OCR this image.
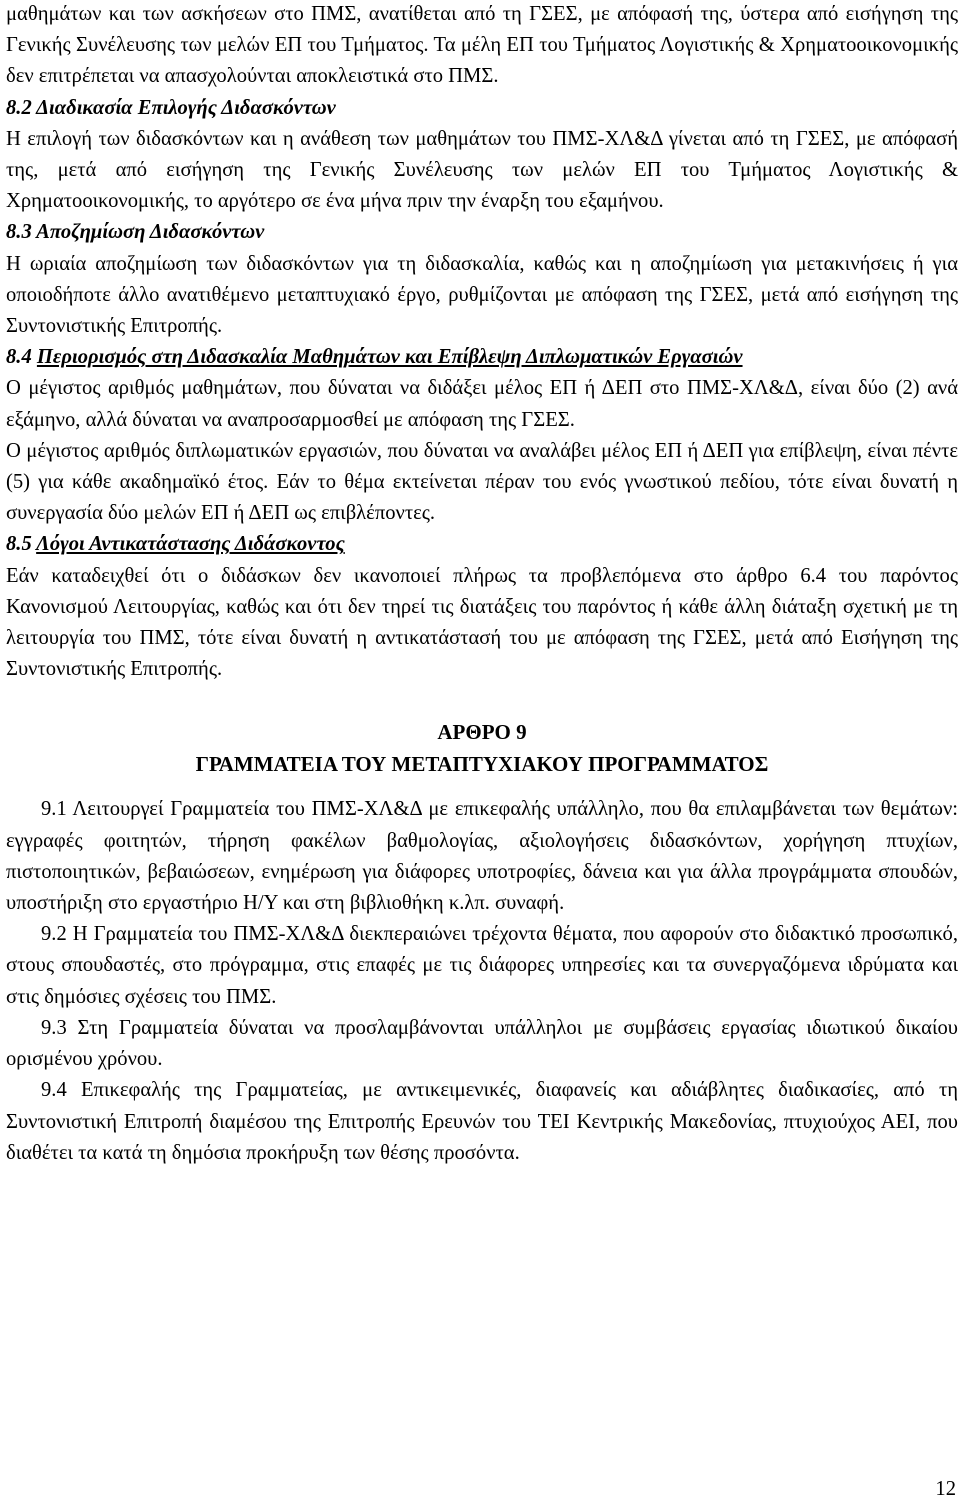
μαθημάτων και των ασκήσεων στο ΠΜΣ, ανατίθεται από τη ΓΣΕΣ, με απόφασή της, ύστερα από εισήγηση της Γενικής Συνέλευσης των μελών ΕΠ του Τμήματος. Τα μέλη ΕΠ του Τμήματος Λογιστικής & Χρηματοοικονομικής δεν επιτρέπεται να απασχολούνται αποκλειστικά στο ΠΜΣ.

8.2 Διαδικασία Επιλογής Διδασκόντων

Η επιλογή των διδασκόντων και η ανάθεση των μαθημάτων του ΠΜΣ-ΧΛ&Δ γίνεται από τη ΓΣΕΣ, με απόφασή της, μετά από εισήγηση της Γενικής Συνέλευσης των μελών ΕΠ του Τμήματος Λογιστικής & Χρηματοοικονομικής, το αργότερο σε ένα μήνα πριν την έναρξη του εξαμήνου.

8.3 Αποζημίωση Διδασκόντων

Η ωριαία αποζημίωση των διδασκόντων για τη διδασκαλία, καθώς και η αποζημίωση για μετακινήσεις ή για οποιοδήποτε άλλο ανατιθέμενο μεταπτυχιακό έργο, ρυθμίζονται με απόφαση της ΓΣΕΣ, μετά από εισήγηση της Συντονιστικής Επιτροπής.

8.4 Περιορισμός στη Διδασκαλία Μαθημάτων και Επίβλεψη Διπλωματικών Εργασιών

Ο μέγιστος αριθμός μαθημάτων, που δύναται να διδάξει μέλος ΕΠ ή ΔΕΠ στο ΠΜΣ-ΧΛ&Δ, είναι δύο (2) ανά εξάμηνο, αλλά δύναται να αναπροσαρμοσθεί με απόφαση της ΓΣΕΣ.

Ο μέγιστος αριθμός διπλωματικών εργασιών, που δύναται να αναλάβει μέλος ΕΠ ή ΔΕΠ για επίβλεψη, είναι πέντε (5) για κάθε ακαδημαϊκό έτος. Εάν το θέμα εκτείνεται πέραν του ενός γνωστικού πεδίου, τότε είναι δυνατή η συνεργασία δύο μελών ΕΠ ή ΔΕΠ ως επιβλέποντες.

8.5 Λόγοι Αντικατάστασης Διδάσκοντος

Εάν καταδειχθεί ότι ο διδάσκων δεν ικανοποιεί πλήρως τα προβλεπόμενα στο άρθρο 6.4 του παρόντος Κανονισμού Λειτουργίας, καθώς και ότι δεν τηρεί τις διατάξεις του παρόντος ή κάθε άλλη διάταξη σχετική με τη λειτουργία του ΠΜΣ, τότε είναι δυνατή η αντικατάστασή του με απόφαση της ΓΣΕΣ, μετά από Εισήγηση της Συντονιστικής Επιτροπής.

ΑΡΘΡΟ 9
ΓΡΑΜΜΑΤΕΙΑ ΤΟΥ ΜΕΤΑΠΤΥΧΙΑΚΟΥ ΠΡΟΓΡΑΜΜΑΤΟΣ

9.1 Λειτουργεί Γραμματεία του ΠΜΣ-ΧΛ&Δ με επικεφαλής υπάλληλο, που θα επιλαμβάνεται των θεμάτων: εγγραφές φοιτητών, τήρηση φακέλων βαθμολογίας, αξιολογήσεις διδασκόντων, χορήγηση πτυχίων, πιστοποιητικών, βεβαιώσεων, ενημέρωση για διάφορες υποτροφίες, δάνεια και για άλλα προγράμματα σπουδών, υποστήριξη στο εργαστήριο Η/Υ και στη βιβλιοθήκη κ.λπ. συναφή.

9.2 Η Γραμματεία του ΠΜΣ-ΧΛ&Δ διεκπεραιώνει τρέχοντα θέματα, που αφορούν στο διδακτικό προσωπικό, στους σπουδαστές, στο πρόγραμμα, στις επαφές με τις διάφορες υπηρεσίες και τα συνεργαζόμενα ιδρύματα και στις δημόσιες σχέσεις του ΠΜΣ.

9.3 Στη Γραμματεία δύναται να προσλαμβάνονται υπάλληλοι με συμβάσεις εργασίας ιδιωτικού δικαίου ορισμένου χρόνου.

9.4 Επικεφαλής της Γραμματείας, με αντικειμενικές, διαφανείς και αδιάβλητες διαδικασίες, από τη Συντονιστική Επιτροπή διαμέσου της Επιτροπής Ερευνών του ΤΕΙ Κεντρικής Μακεδονίας, πτυχιούχος ΑΕΙ, που διαθέτει τα κατά τη δημόσια προκήρυξη των θέσης προσόντα.

12
